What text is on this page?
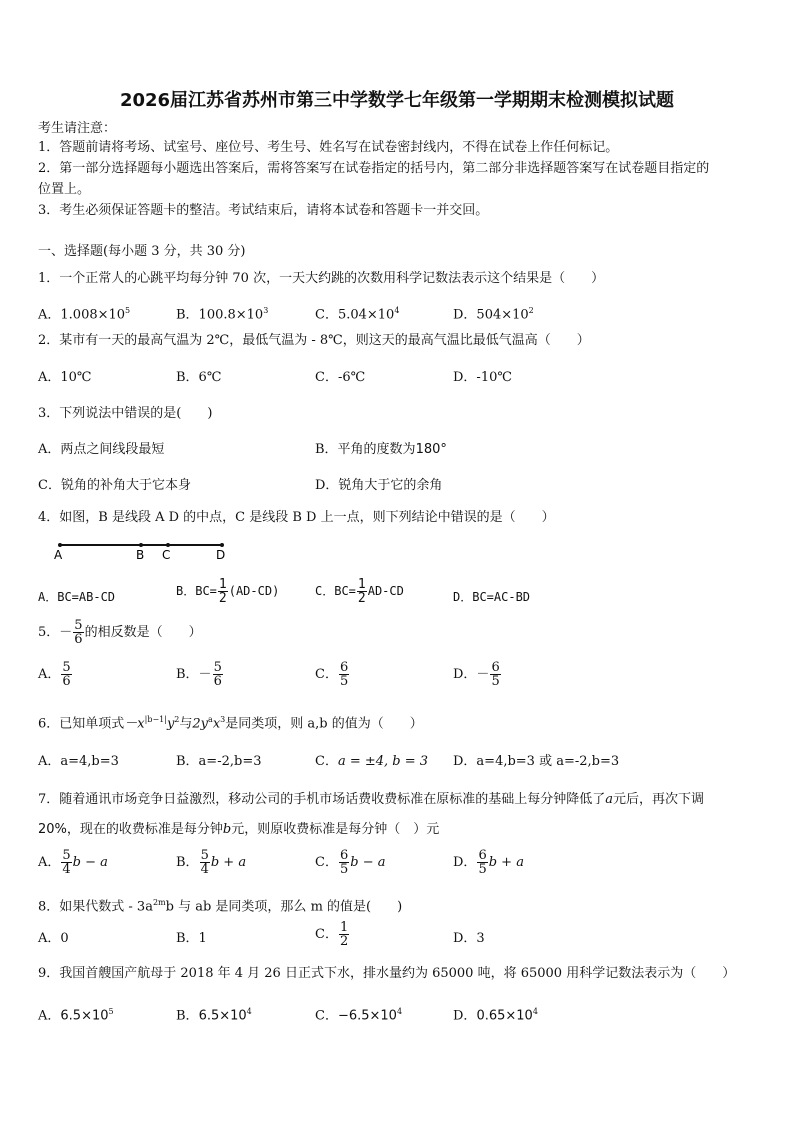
2026届江苏省苏州市第三中学数学七年级第一学期期末检测模拟试题
考生请注意：
1．答题前请将考场、试室号、座位号、考生号、姓名写在试卷密封线内，不得在试卷上作任何标记。
2．第一部分选择题每小题选出答案后，需将答案写在试卷指定的括号内，第二部分非选择题答案写在试卷题目指定的
位置上。
3．考生必须保证答题卡的整洁。考试结束后，请将本试卷和答题卡一并交回。
一、选择题(每小题 3 分，共 30 分)
1．一个正常人的心跳平均每分钟 70 次，一天大约跳的次数用科学记数法表示这个结果是（　　）
A．$1.008\times 10^5$	B．$100.8\times 10^3$	C．$5.04\times 10^4$	D．$504\times 10^2$
2．某市有一天的最高气温为 2℃，最低气温为 - 8℃，则这天的最高气温比最低气温高（　　）
A．10℃	B．6℃	C．-6℃	D．-10℃
3．下列说法中错误的是(　　)
A．两点之间线段最短	B．平角的度数为180°
C．锐角的补角大于它本身	D．锐角大于它的余角
4．如图，B 是线段 A D 的中点，C 是线段 B D 上一点，则下列结论中错误的是（　　）
A	B C	D
A．BC=AB-CD	B．$BC= \frac{1}{2} (AD-CD)$	C．$BC= \frac{1}{2} AD-CD$	D．BC=AC-BD
5．－ $\frac{5}{6}$ 的相反数是（　　）
A． $\frac{5}{6}$	B．－ $\frac{5}{6}$	C． $\frac{6}{5}$	D．－ $\frac{6}{5}$
6．已知单项式$-x^{|b-1|}y^2$与$2y^ax^3$是同类项，则 a,b 的值为（　　）
A．a=4,b=3	B．a=-2,b=3	C．a = ±4, b = 3 D．a=4,b=3 或 a=-2,b=3
7．随着通讯市场竞争日益激烈，移动公司的手机市场话费收费标准在原标准的基础上每分钟降低了a元后，再次下调
20%，现在的收费标准是每分钟b元，则原收费标准是每分钟（　）元
A． $\frac{5}{4}$ b − a	B． $\frac{5}{4}$ b + a	C． $\frac{6}{5}$ b − a	D． $\frac{6}{5}$ b + a
8．如果代数式 - $3a^{2m}b$ 与 ab 是同类项，那么 m 的值是(　　)
A．0	B．1	C． $\frac{1}{2}$	D．3
9．我国首艘国产航母于 2018 年 4 月 26 日正式下水，排水量约为 65000 吨，将 65000 用科学记数法表示为（　　）
A．$6.5\times 10^5$	B．$6.5\times 10^4$	C．$-6.5\times 10^4$	D．$0.65\times 10^4$
